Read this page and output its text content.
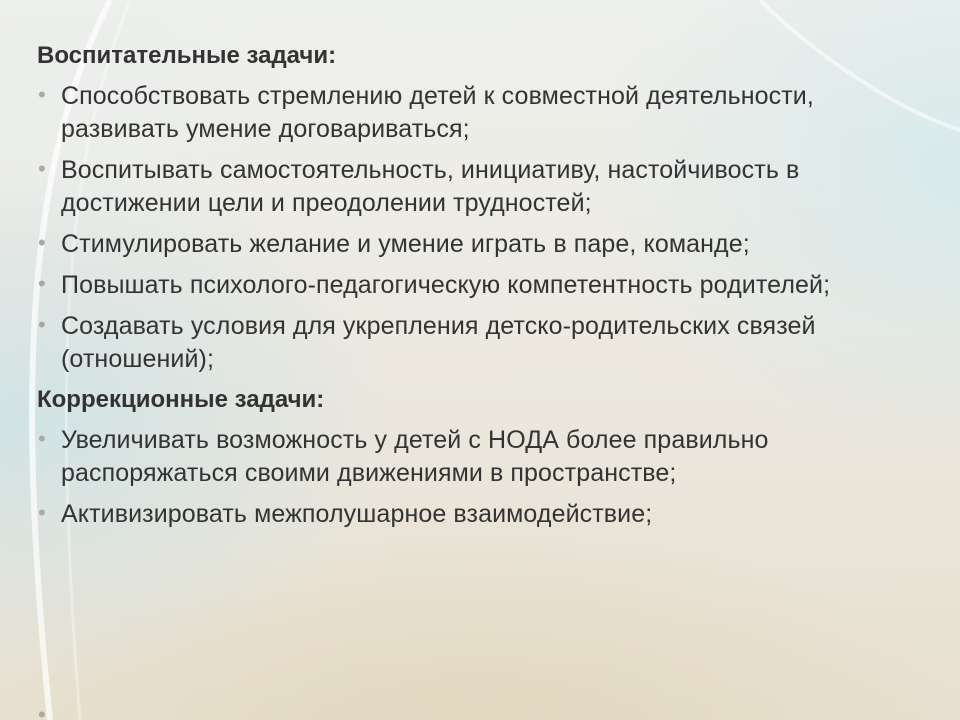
Воспитательные задачи:
• Способствовать стремлению детей к совместной деятельности, развивать умение договариваться;
• Воспитывать самостоятельность, инициативу, настойчивость в достижении цели и преодолении трудностей;
• Стимулировать желание и умение играть в паре, команде;
• Повышать психолого-педагогическую компетентность родителей;
• Создавать условия для укрепления детско-родительских связей (отношений);
Коррекционные задачи:
• Увеличивать возможность у детей с НОДА более правильно распоряжаться своими движениями в пространстве;
• Активизировать межполушарное взаимодействие;
•
